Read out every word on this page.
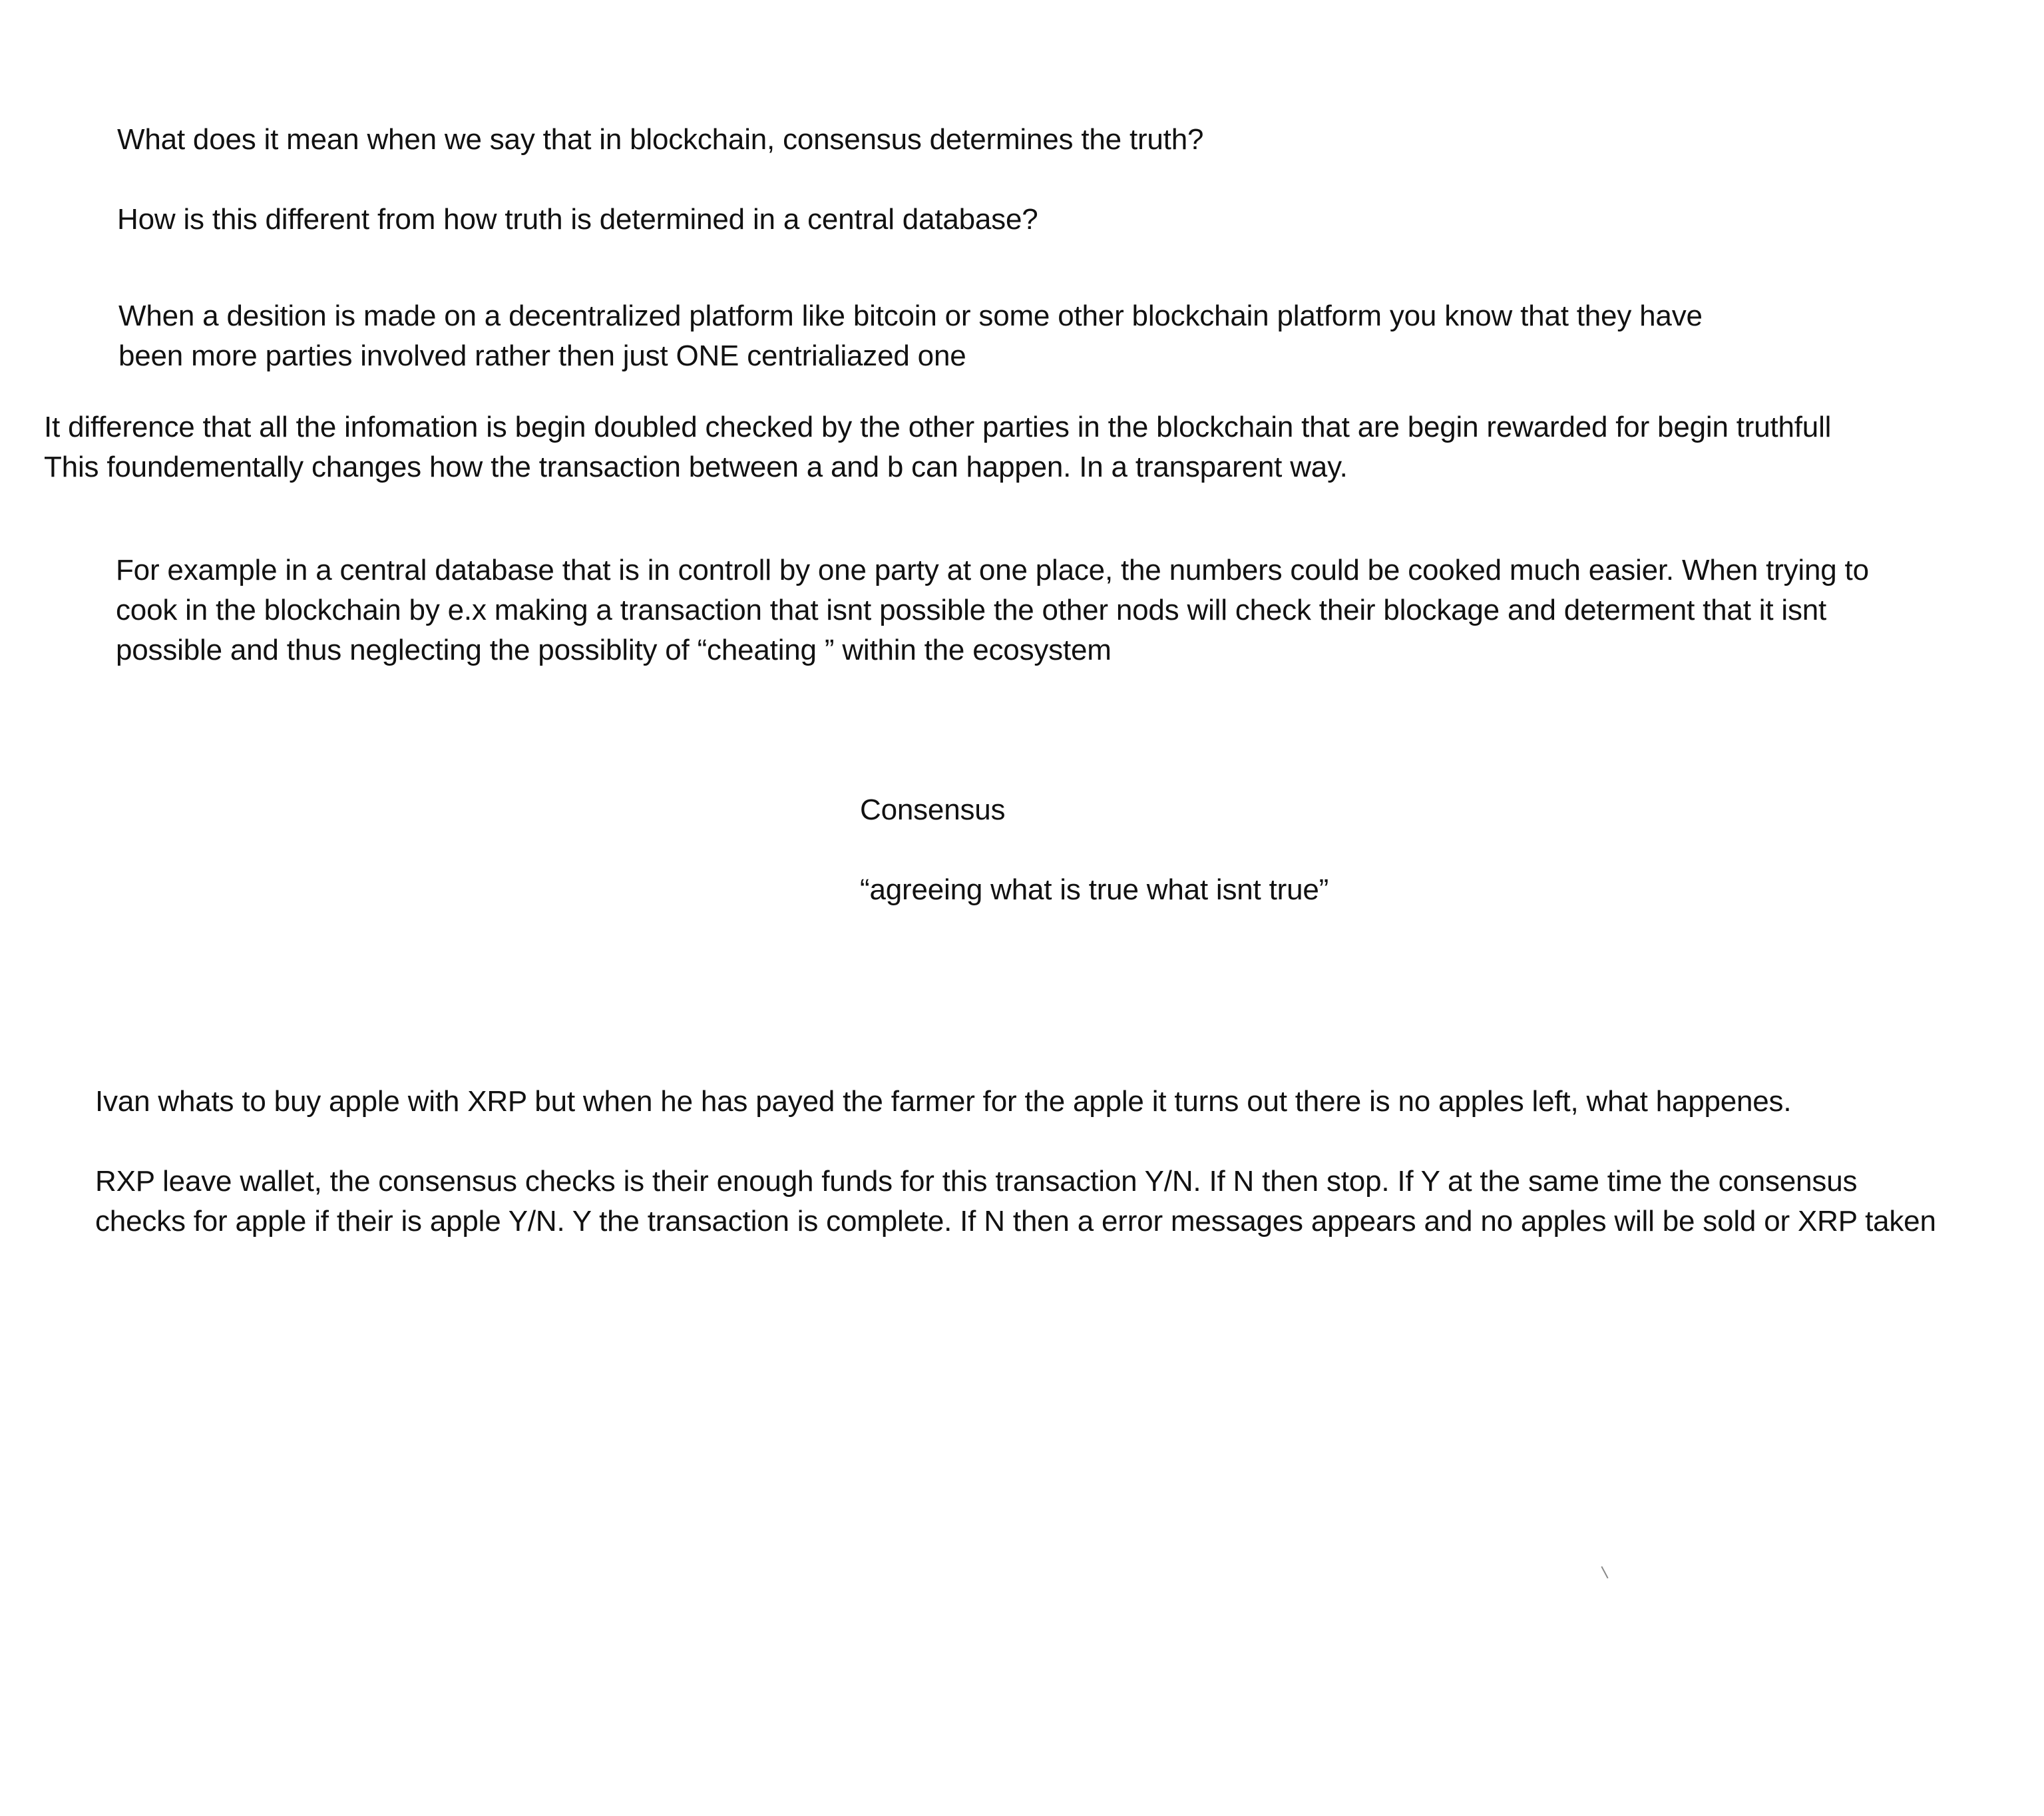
What does it mean when we say that in blockchain, consensus determines the truth?
How is this different from how truth is determined in a central database?
When a desition is made on a decentralized platform like bitcoin or some other blockchain platform you know that they have
been more parties involved rather then just ONE centrialiazed one
It difference that all the infomation is begin doubled checked by the other parties in the blockchain that are begin rewarded for begin truthfull
This foundementally changes how the transaction between a and b can happen. In a transparent way.
For example in a central database that is in controll by one party at one place, the numbers could be cooked much easier. When trying to
cook in the blockchain by e.x making a transaction that isnt possible the other nods will check their blockage and determent that it isnt
possible and thus neglecting the possiblity of “cheating ” within the ecosystem
Consensus
“agreeing what is true what isnt true”
Ivan whats to buy apple with XRP but when he has payed the farmer for the apple it turns out there is no apples left, what happenes.
RXP leave wallet, the consensus checks is their enough funds for this transaction Y/N. If N then stop. If Y at the same time the consensus
checks for apple if their is apple Y/N. Y the transaction is complete. If N then a error messages appears and no apples will be sold or XRP taken
